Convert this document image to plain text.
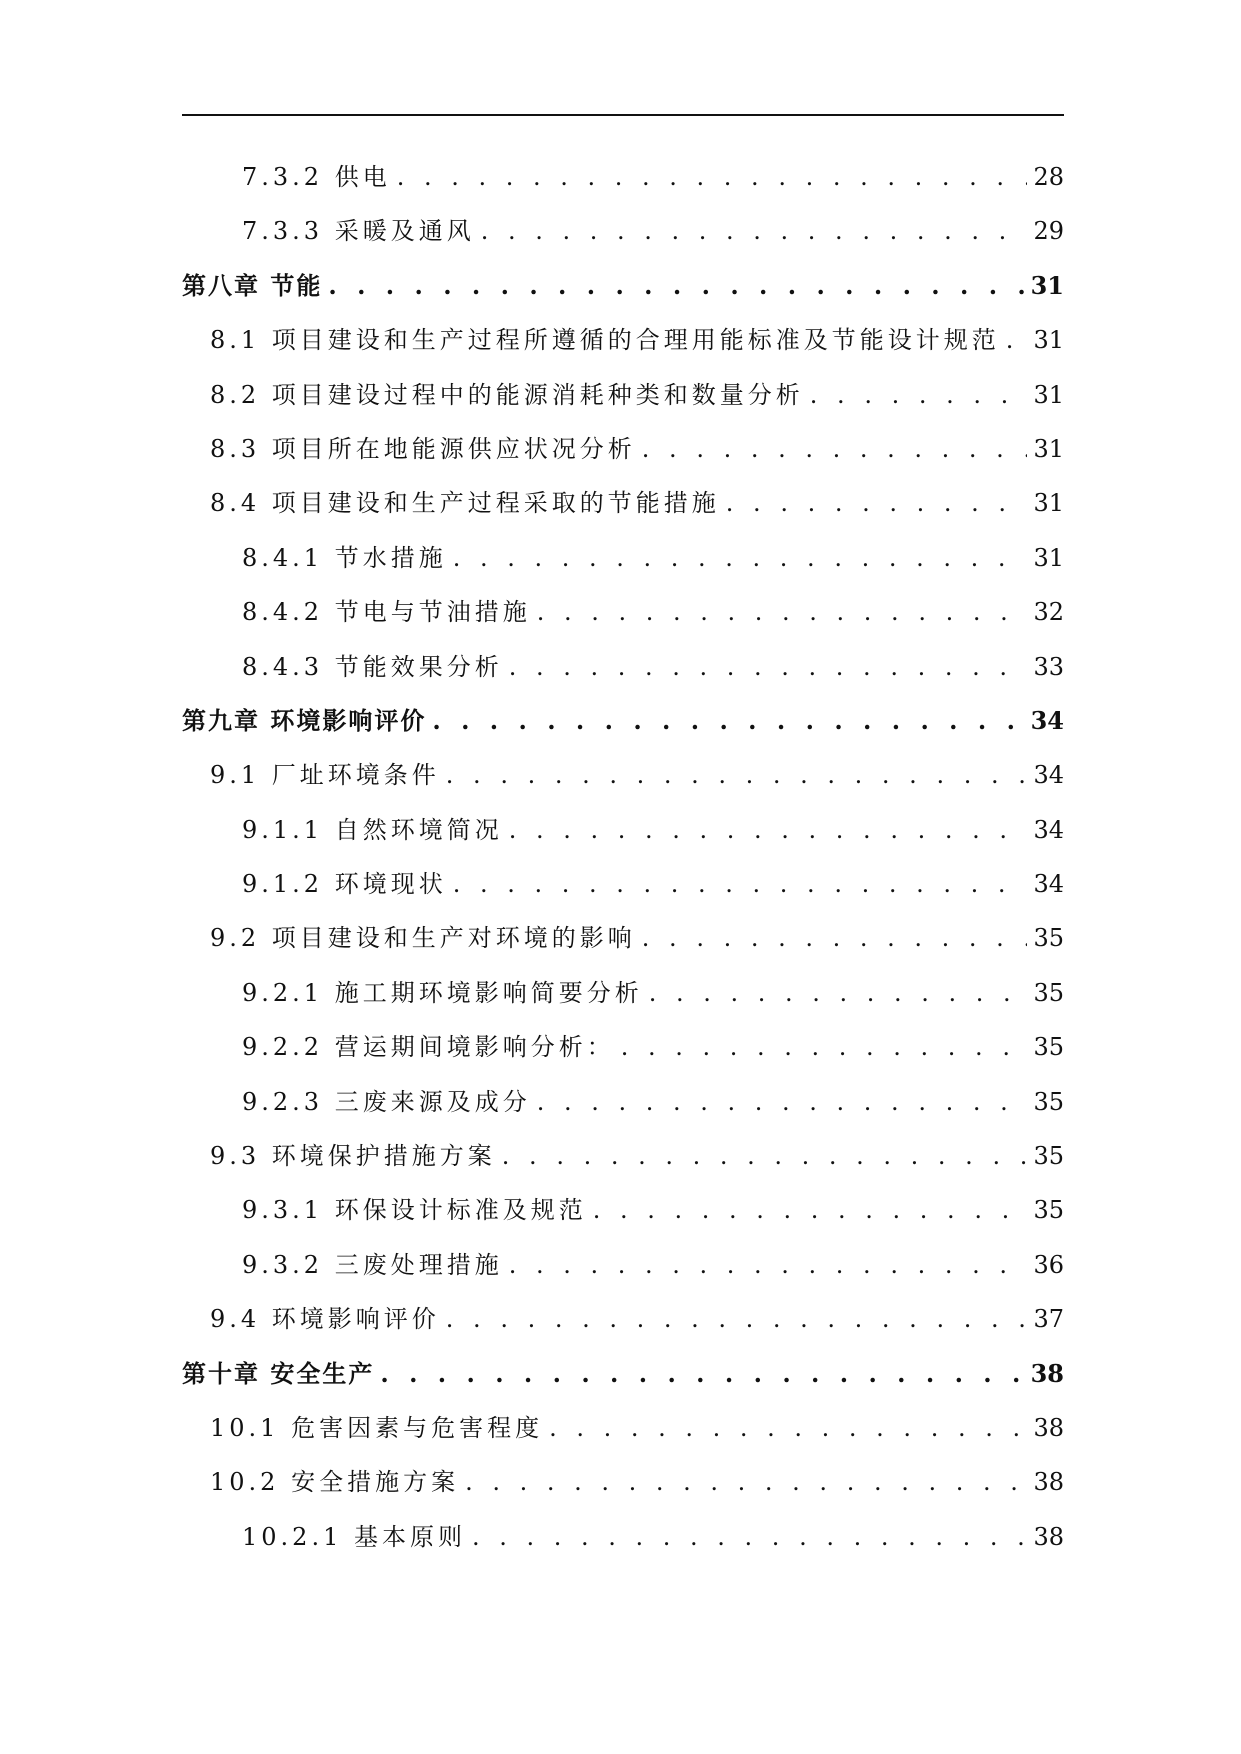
7.3.2 供电 . . .	28
7.3.3 采暖及通风 . . .	29
第八章 节能 . . .	31
8.1 项目建设和生产过程所遵循的合理用能标准及节能设计规范 . . . 31
8.2 项目建设过程中的能源消耗种类和数量分析 . . .	31
8.3 项目所在地能源供应状况分析 . . .	31
8.4 项目建设和生产过程采取的节能措施 . . .	31
8.4.1 节水措施 . . .	31
8.4.2 节电与节油措施 . . .	32
8.4.3 节能效果分析 . . .	33
第九章 环境影响评价 . . .	34
9.1 厂址环境条件 . . .	34
9.1.1 自然环境简况 . . .	34
9.1.2 环境现状 . . .	34
9.2 项目建设和生产对环境的影响 . . .	35
9.2.1 施工期环境影响简要分析 . . .	35
9.2.2 营运期间境影响分析： . . .	35
9.2.3 三废来源及成分 . . .	35
9.3 环境保护措施方案 . . .	35
9.3.1 环保设计标准及规范 . . .	35
9.3.2 三废处理措施 . . .	36
9.4 环境影响评价 . . .	37
第十章 安全生产 . . .	38
10.1 危害因素与危害程度 . . .	38
10.2 安全措施方案 . . .	38
10.2.1 基本原则 . . .	38
